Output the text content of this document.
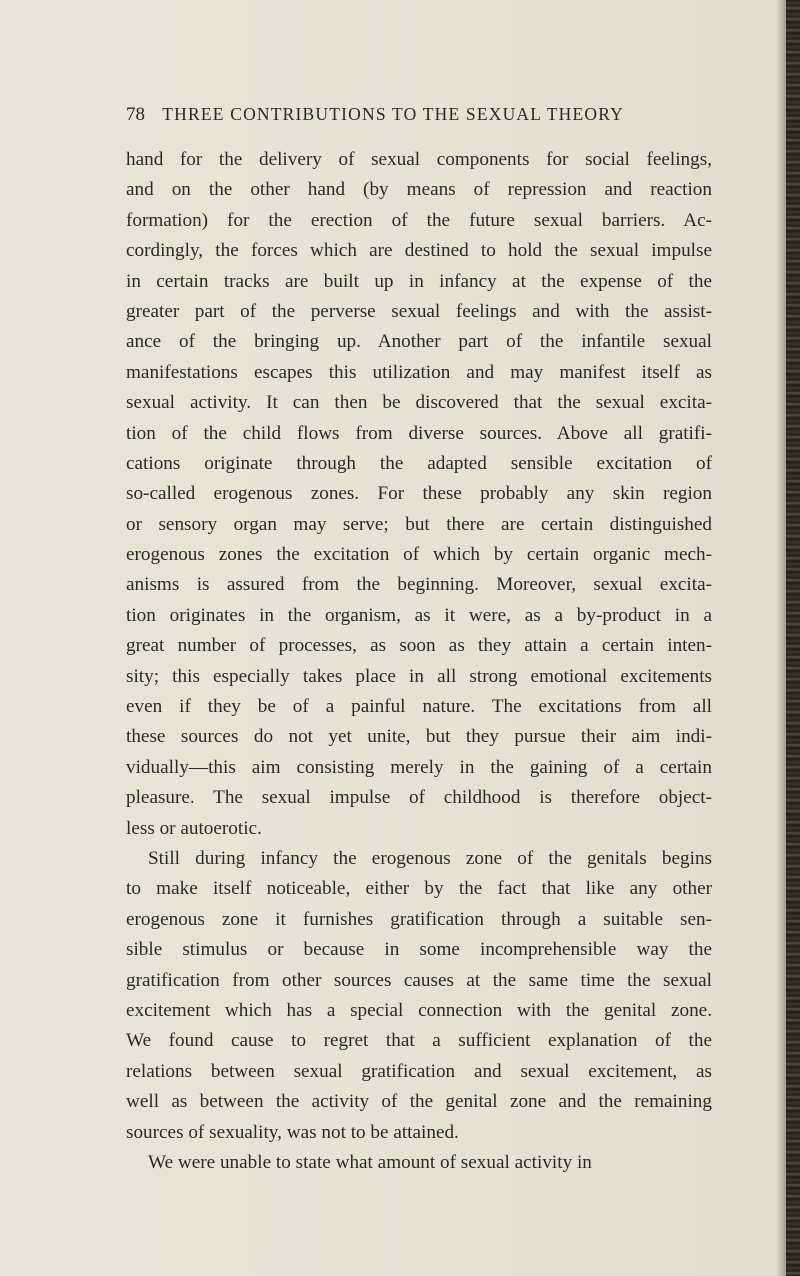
78 THREE CONTRIBUTIONS TO THE SEXUAL THEORY
hand for the delivery of sexual components for social feelings,
and on the other hand (by means of repression and reaction
formation) for the erection of the future sexual barriers. Ac-
cordingly, the forces which are destined to hold the sexual impulse
in certain tracks are built up in infancy at the expense of the
greater part of the perverse sexual feelings and with the assist-
ance of the bringing up. Another part of the infantile sexual
manifestations escapes this utilization and may manifest itself as
sexual activity. It can then be discovered that the sexual excita-
tion of the child flows from diverse sources. Above all gratifi-
cations originate through the adapted sensible excitation of
so-called erogenous zones. For these probably any skin region
or sensory organ may serve; but there are certain distinguished
erogenous zones the excitation of which by certain organic mech-
anisms is assured from the beginning. Moreover, sexual excita-
tion originates in the organism, as it were, as a by-product in a
great number of processes, as soon as they attain a certain inten-
sity; this especially takes place in all strong emotional excitements
even if they be of a painful nature. The excitations from all
these sources do not yet unite, but they pursue their aim indi-
vidually—this aim consisting merely in the gaining of a certain
pleasure. The sexual impulse of childhood is therefore object-
less or autoerotic.
Still during infancy the erogenous zone of the genitals begins
to make itself noticeable, either by the fact that like any other
erogenous zone it furnishes gratification through a suitable sen-
sible stimulus or because in some incomprehensible way the
gratification from other sources causes at the same time the sexual
excitement which has a special connection with the genital zone.
We found cause to regret that a sufficient explanation of the
relations between sexual gratification and sexual excitement, as
well as between the activity of the genital zone and the remaining
sources of sexuality, was not to be attained.
We were unable to state what amount of sexual activity in
